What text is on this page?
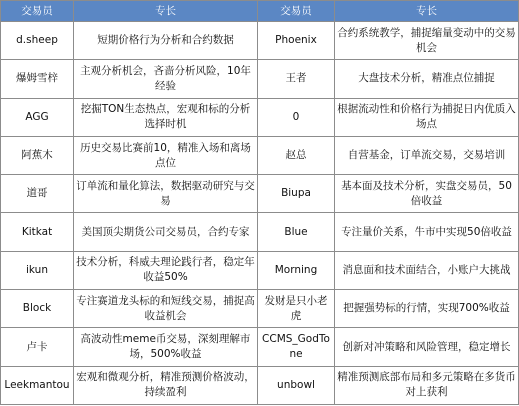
交易员	专长	交易员	专长
d.sheep	短期价格行为分析和合约数据	Phoenix	合约系统教学，捕捉缩量变动中的交易机会
爆姆雪梓	主观分析机会，吝啬分析风险，10年经验	王者	大盘技术分析，精准点位捕捉
AGG	挖掘TON生态热点，宏观和标的分析选择时机	0	根据流动性和价格行为捕捉日内优质入场点
阿蕉木	历史交易比赛前10，精准入场和离场点位	赵总	自营基金，订单流交易，交易培训
道哥	订单流和量化算法，数据驱动研究与交易	Biupa	基本面及技术分析，实盘交易员，50倍收益
Kitkat	美国顶尖期货公司交易员，合约专家	Blue	专注量价关系，牛市中实现50倍收益
ikun	技术分析，科威夫理论践行者，稳定年收益50%	Morning	消息面和技术面结合，小账户大挑战
Block	专注赛道龙头标的和短线交易，捕捉高收益机会	发财是只小老虎	把握强势标的行情，实现700%收益
卢卡	高波动性meme币交易，深刻理解市场，500%收益	CCMS_GodTone	创新对冲策略和风险管理，稳定增长
Leekmantou	宏观和微观分析，精准预测价格波动，持续盈利	unbowl	精准预测底部布局和多元策略在多货币对上获利
